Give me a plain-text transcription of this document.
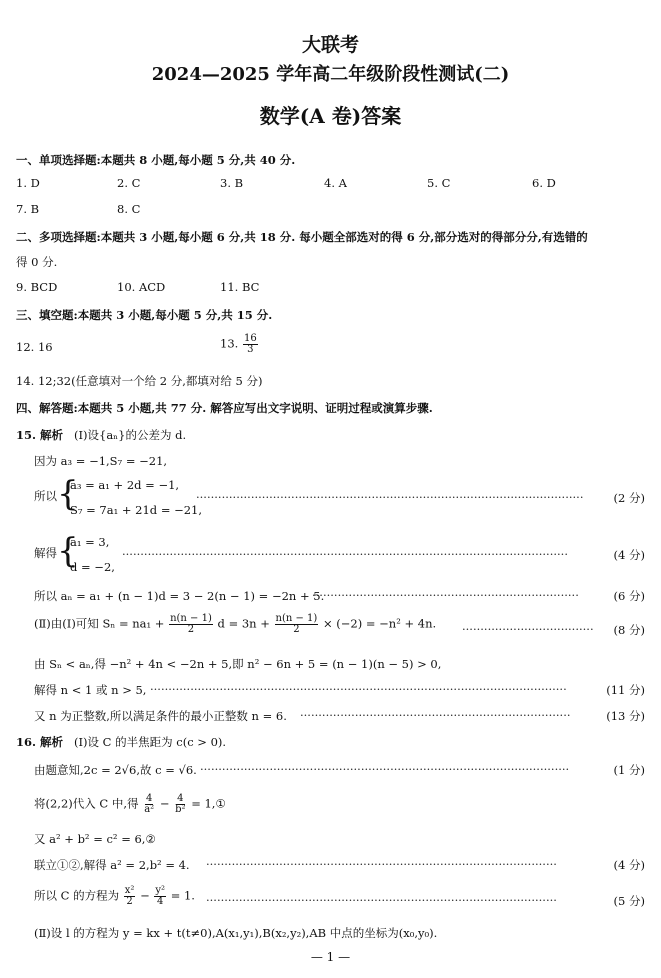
大联考
2024—2025 学年高二年级阶段性测试(二)
数学(A 卷)答案
一、单项选择题:本题共 8 小题,每小题 5 分,共 40 分.
1. D	2. C	3. B	4. A	5. C	6. D
7. B	8. C
二、多项选择题:本题共 3 小题,每小题 6 分,共 18 分. 每小题全部选对的得 6 分,部分选对的得部分分,有选错的
得 0 分.
9. BCD	10. ACD	11. BC
三、填空题:本题共 3 小题,每小题 5 分,共 15 分.
12. 16	13. $\frac{16}{3}$
14. 12;32(任意填对一个给 2 分,都填对给 5 分)
四、解答题:本题共 5 小题,共 77 分. 解答应写出文字说明、证明过程或演算步骤.
15. 解析 (Ⅰ)设{aₙ}的公差为 d.
因为 a₃ = −1,S₇ = −21,
所以 {
a₃ = a₁ + 2d = −1,
S₇ = 7a₁ + 21d = −21,
··········································································································	(2 分)
解得 {
a₁ = 3,
d = −2,
··························································································································	(4 分)
所以 aₙ = a₁ + (n − 1)d = 3 − 2(n − 1) = −2n + 5.
·········································································	(6 分)
(Ⅱ)由(Ⅰ)可知 $S_n = na_1 + \frac{n(n - 1)}{2}$ $d = 3n + \frac{n(n - 1)}{2} \times (-2) = -n^2 + 4n$. ···································· (8 分)
由 Sₙ < aₙ,得 −n² + 4n < −2n + 5,即 n² − 6n + 5 = (n − 1)(n − 5) > 0,
解得 n < 1 或 n > 5, ··················································································································	(11 分)
又 n 为正整数,所以满足条件的最小正整数 n = 6. ··········································································	(13 分)
16. 解析 (Ⅰ)设 C 的半焦距为 c(c > 0).
由题意知,2c = 2√6,故 c = √6. ·····································································································	(1 分)
将(2,2)代入 C 中,得 $\frac{4}{\text{a²}} - \frac{4}{\text{b²}}$ = 1,①
又 a² + b² = c² = 6,②
联立①②,解得 a² = 2,b² = 4. ································································································	(4 分)
所以 C 的方程为 $\frac{\text{x²}}{2} - \frac{\text{y²}}{4} = 1$. ································································································	(5 分)
(Ⅱ)设 l 的方程为 y = kx + t(t≠0),A(x₁,y₁),B(x₂,y₂),AB 中点的坐标为(x₀,y₀).
— 1 —
